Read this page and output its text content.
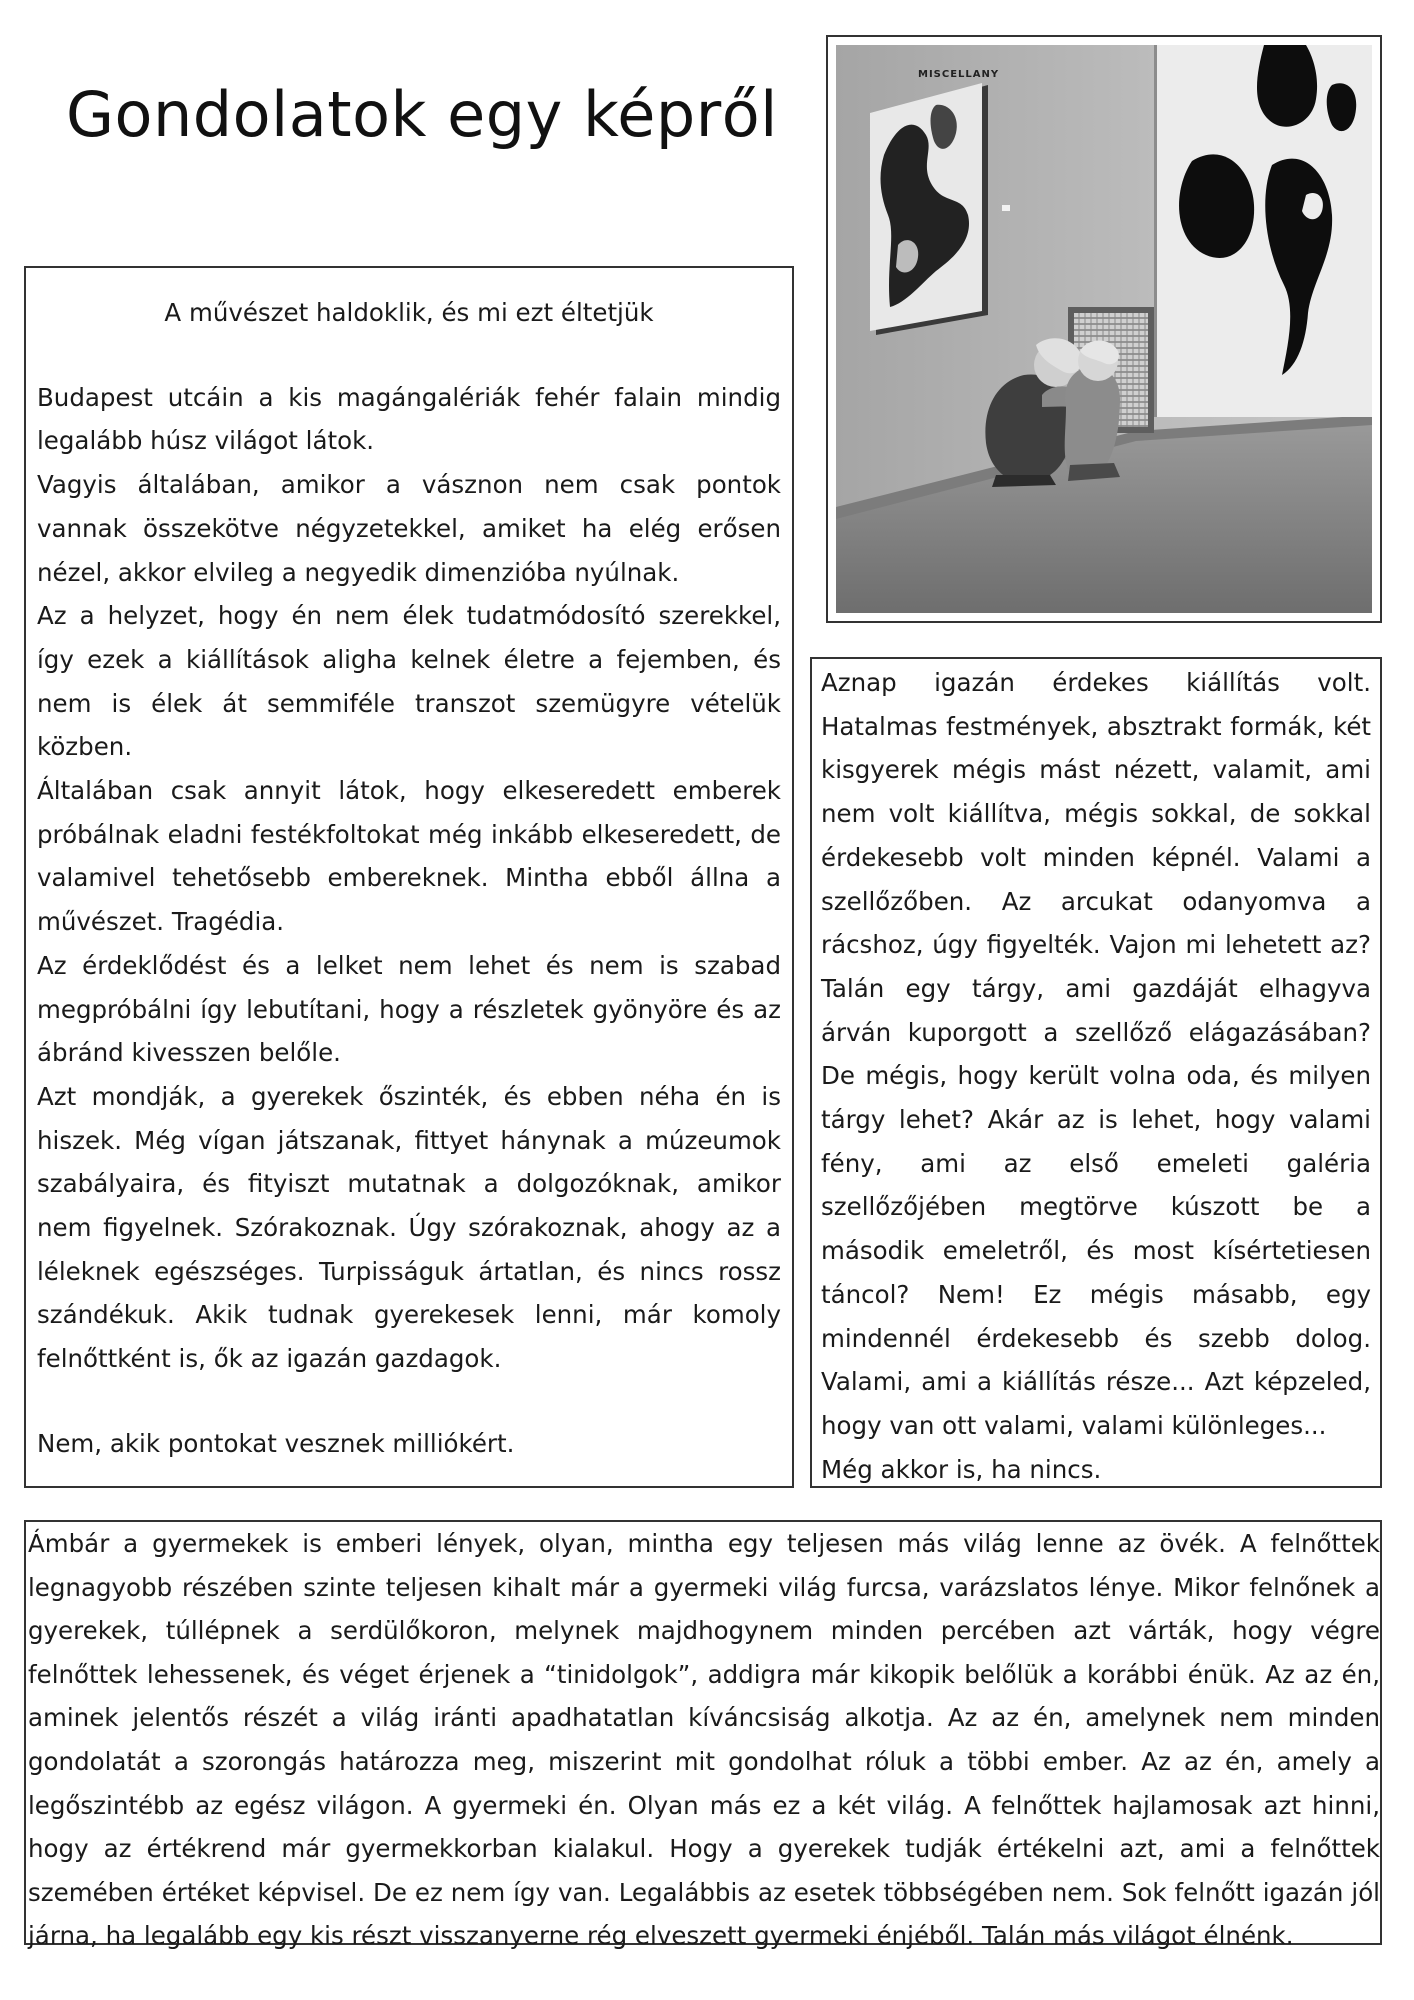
Gondolatok egy képről

A művészet haldoklik, és mi ezt éltetjük

Budapest utcáin a kis magángalériák fehér falain mindig legalább húsz világot látok.

Vagyis általában, amikor a vásznon nem csak pontok vannak összekötve négyzetekkel, amiket ha elég erősen nézel, akkor elvileg a negyedik dimenzióba nyúlnak.

Az a helyzet, hogy én nem élek tudatmódosító szerekkel, így ezek a kiállítások aligha kelnek életre a fejemben, és nem is élek át semmiféle transzot szemügyre vételük közben.

Általában csak annyit látok, hogy elkeseredett emberek próbálnak eladni festékfoltokat még inkább elkeseredett, de valamivel tehetősebb embereknek. Mintha ebből állna a művészet. Tragédia.

Az érdeklődést és a lelket nem lehet és nem is szabad megpróbálni így lebutítani, hogy a részletek gyönyöre és az ábránd kivesszen belőle.

Azt mondják, a gyerekek őszinték, és ebben néha én is hiszek. Még vígan játszanak, fittyet hánynak a múzeumok szabályaira, és fityiszt mutatnak a dolgozóknak, amikor nem figyelnek. Szórakoznak. Úgy szórakoznak, ahogy az a léleknek egészséges. Turpisságuk ártatlan, és nincs rossz szándékuk. Akik tudnak gyerekesek lenni, már komoly felnőttként is, ők az igazán gazdagok.

Nem, akik pontokat vesznek milliókért.

MISCELLANY

Aznap igazán érdekes kiállítás volt. Hatalmas festmények, absztrakt formák, két kisgyerek mégis mást nézett, valamit, ami nem volt kiállítva, mégis sokkal, de sokkal érdekesebb volt minden képnél. Valami a szellőzőben. Az arcukat odanyomva a rácshoz, úgy figyelték. Vajon mi lehetett az? Talán egy tárgy, ami gazdáját elhagyva árván kuporgott a szellőző elágazásában? De mégis, hogy került volna oda, és milyen tárgy lehet? Akár az is lehet, hogy valami fény, ami az első emeleti galéria szellőzőjében megtörve kúszott be a második emeletről, és most kísértetiesen táncol? Nem! Ez mégis másabb, egy mindennél érdekesebb és szebb dolog. Valami, ami a kiállítás része... Azt képzeled, hogy van ott valami, valami különleges...

Még akkor is, ha nincs.

Ámbár a gyermekek is emberi lények, olyan, mintha egy teljesen más világ lenne az övék. A felnőttek legnagyobb részében szinte teljesen kihalt már a gyermeki világ furcsa, varázslatos lénye. Mikor felnőnek a gyerekek, túllépnek a serdülőkoron, melynek majdhogynem minden percében azt várták, hogy végre felnőttek lehessenek, és véget érjenek a “tinidolgok”, addigra már kikopik belőlük a korábbi énük. Az az én, aminek jelentős részét a világ iránti apadhatatlan kíváncsiság alkotja. Az az én, amelynek nem minden gondolatát a szorongás határozza meg, miszerint mit gondolhat róluk a többi ember. Az az én, amely a legőszintébb az egész világon. A gyermeki én. Olyan más ez a két világ. A felnőttek hajlamosak azt hinni, hogy az értékrend már gyermekkorban kialakul. Hogy a gyerekek tudják értékelni azt, ami a felnőttek szemében értéket képvisel. De ez nem így van. Legalábbis az esetek többségében nem. Sok felnőtt igazán jól járna, ha legalább egy kis részt visszanyerne rég elveszett gyermeki énjéből. Talán más világot élnénk.
